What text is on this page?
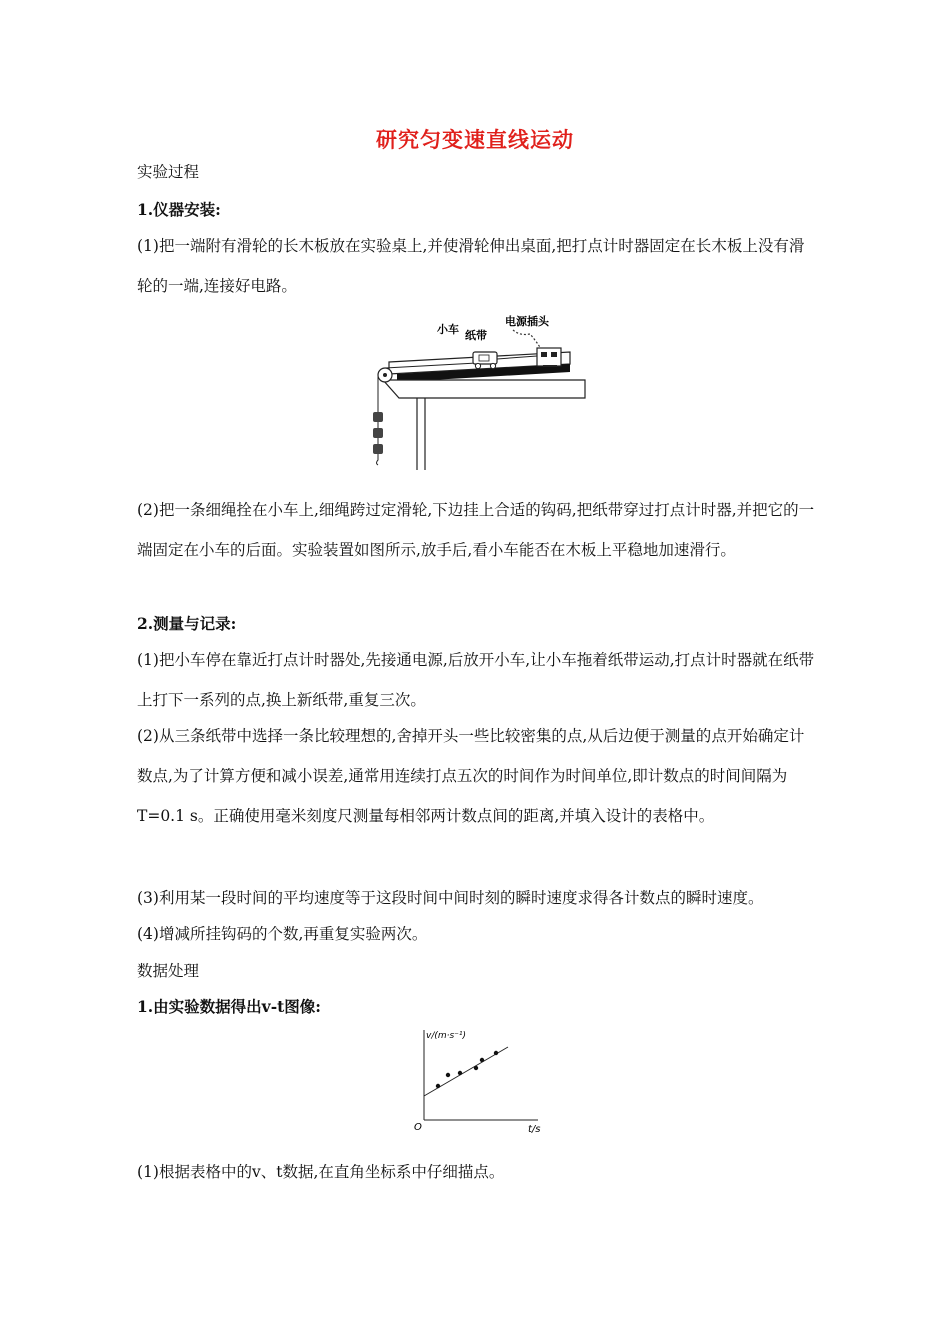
研究匀变速直线运动

实验过程

1.仪器安装:

(1)把一端附有滑轮的长木板放在实验桌上,并使滑轮伸出桌面,把打点计时器固定在长木板上没有滑轮的一端,连接好电路。

小车 纸带
电源插头

(2)把一条细绳拴在小车上,细绳跨过定滑轮,下边挂上合适的钩码,把纸带穿过打点计时器,并把它的一端固定在小车的后面。实验装置如图所示,放手后,看小车能否在木板上平稳地加速滑行。

2.测量与记录:

(1)把小车停在靠近打点计时器处,先接通电源,后放开小车,让小车拖着纸带运动,打点计时器就在纸带上打下一系列的点,换上新纸带,重复三次。

(2)从三条纸带中选择一条比较理想的,舍掉开头一些比较密集的点,从后边便于测量的点开始确定计数点,为了计算方便和减小误差,通常用连续打点五次的时间作为时间单位,即计数点的时间间隔为T=0.1 s。正确使用毫米刻度尺测量每相邻两计数点间的距离,并填入设计的表格中。

(3)利用某一段时间的平均速度等于这段时间中间时刻的瞬时速度求得各计数点的瞬时速度。

(4)增减所挂钩码的个数,再重复实验两次。

数据处理

1.由实验数据得出v-t图像:

v/(m·s⁻¹)
O	t/s

(1)根据表格中的v、t数据,在直角坐标系中仔细描点。
